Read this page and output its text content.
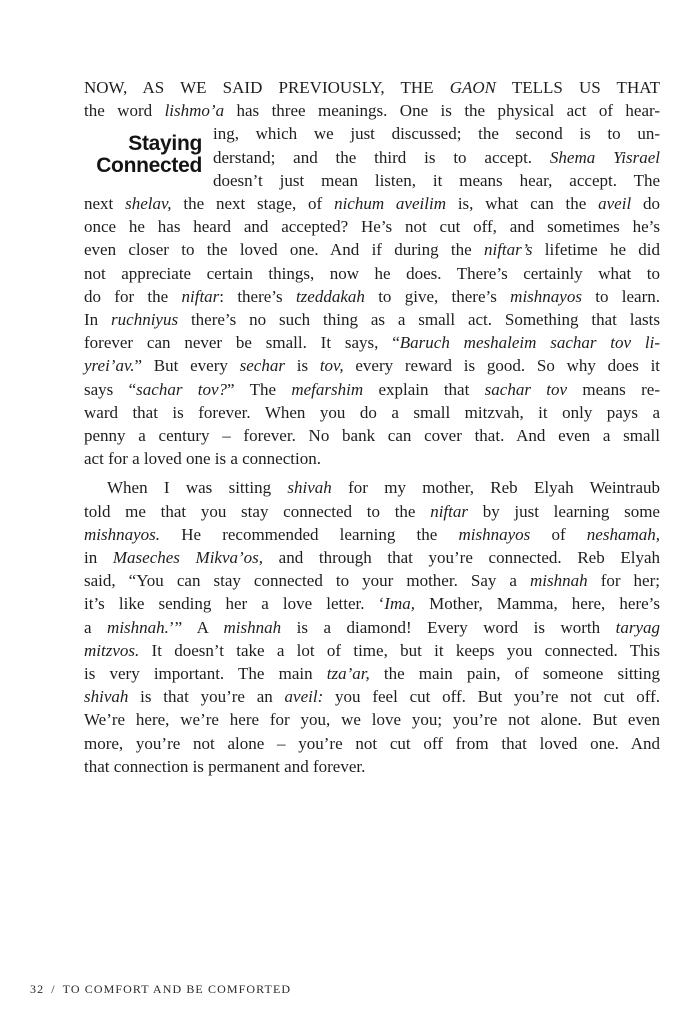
Staying
Connected
NOW, AS WE SAID PREVIOUSLY, THE GAON TELLS US THAT
the word lishmo’a has three meanings. One is the physical act of hear-
ing, which we just discussed; the second is to un-
derstand; and the third is to accept. Shema Yisrael
doesn’t just mean listen, it means hear, accept. The
next shelav, the next stage, of nichum aveilim is, what can the aveil do
once he has heard and accepted? He’s not cut off, and sometimes he’s
even closer to the loved one. And if during the niftar’s lifetime he did
not appreciate certain things, now he does. There’s certainly what to
do for the niftar: there’s tzeddakah to give, there’s mishnayos to learn.
In ruchniyus there’s no such thing as a small act. Something that lasts
forever can never be small. It says, “Baruch meshaleim sachar tov li-
yrei’av.” But every sechar is tov, every reward is good. So why does it
says “sachar tov?” The mefarshim explain that sachar tov means re-
ward that is forever. When you do a small mitzvah, it only pays a
penny a century – forever. No bank can cover that. And even a small
act for a loved one is a connection.
When I was sitting shivah for my mother, Reb Elyah Weintraub
told me that you stay connected to the niftar by just learning some
mishnayos. He recommended learning the mishnayos of neshamah,
in Maseches Mikva’os, and through that you’re connected. Reb Elyah
said, “You can stay connected to your mother. Say a mishnah for her;
it’s like sending her a love letter. ‘Ima, Mother, Mamma, here, here’s
a mishnah.’” A mishnah is a diamond! Every word is worth taryag
mitzvos. It doesn’t take a lot of time, but it keeps you connected. This
is very important. The main tza’ar, the main pain, of someone sitting
shivah is that you’re an aveil: you feel cut off. But you’re not cut off.
We’re here, we’re here for you, we love you; you’re not alone. But even
more, you’re not alone – you’re not cut off from that loved one. And
that connection is permanent and forever.
32 / TO COMFORT AND BE COMFORTED
